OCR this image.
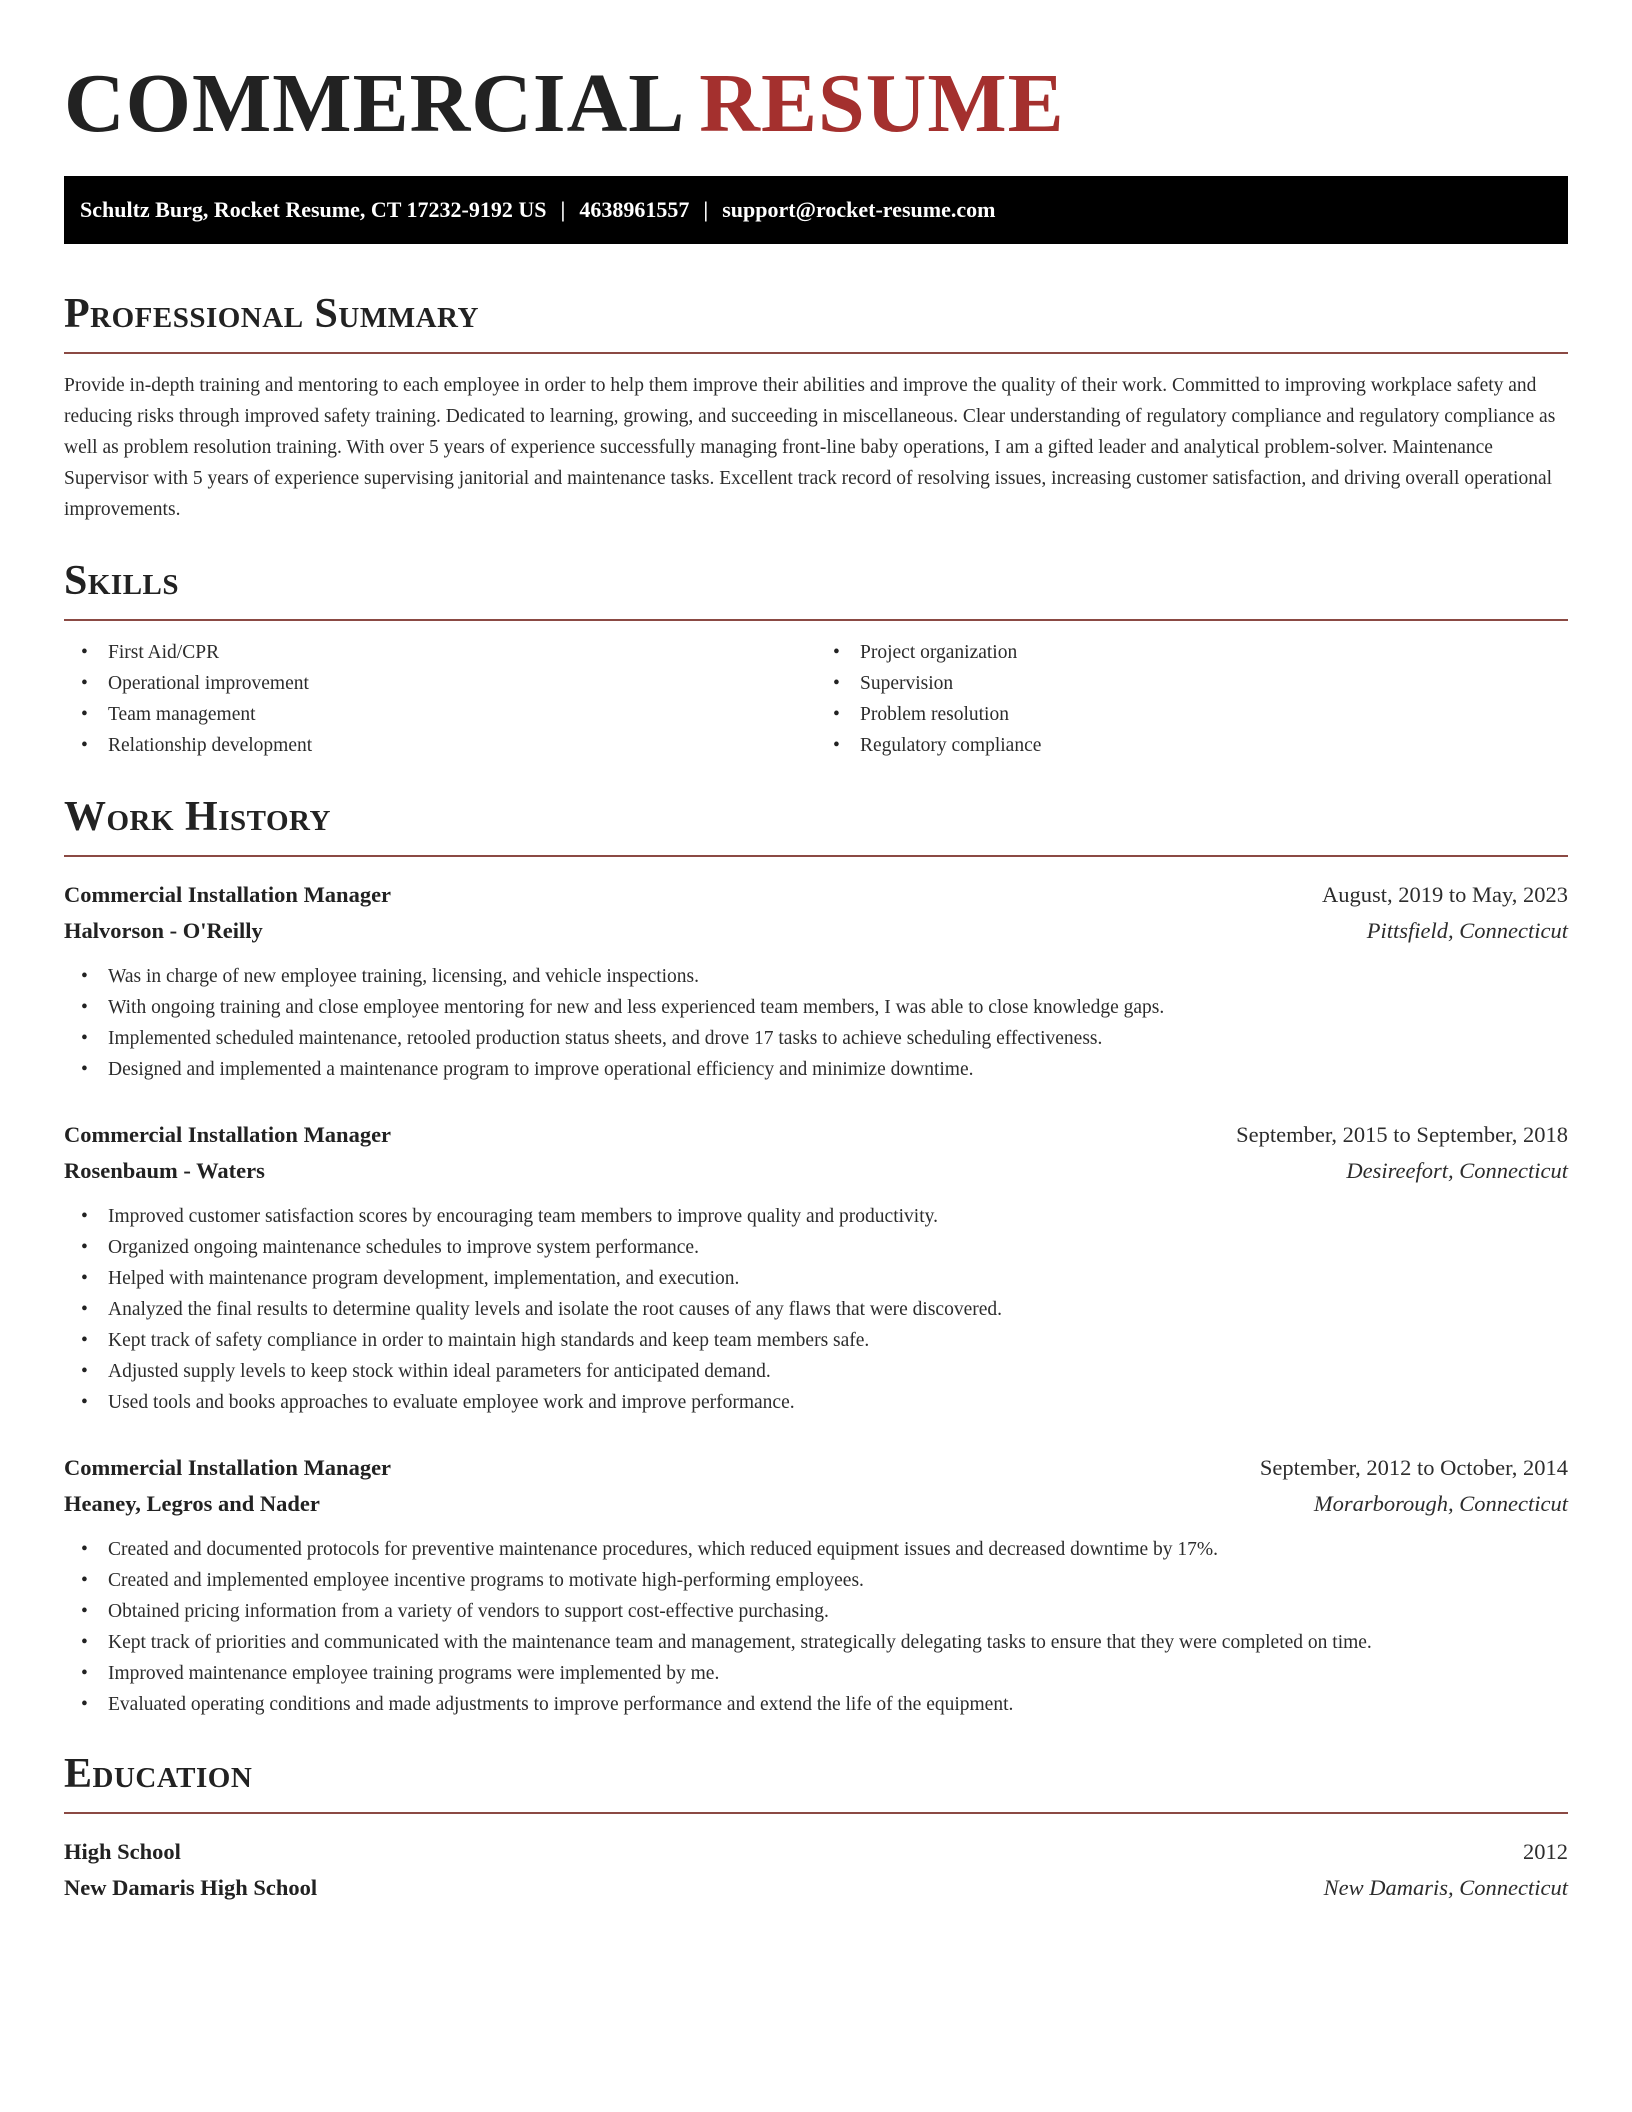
COMMERCIAL RESUME
Schultz Burg, Rocket Resume, CT 17232-9192 US | 4638961557 | support@rocket-resume.com
Professional Summary
Provide in-depth training and mentoring to each employee in order to help them improve their abilities and improve the quality of their work. Committed to improving workplace safety and reducing risks through improved safety training. Dedicated to learning, growing, and succeeding in miscellaneous. Clear understanding of regulatory compliance and regulatory compliance as well as problem resolution training. With over 5 years of experience successfully managing front-line baby operations, I am a gifted leader and analytical problem-solver. Maintenance Supervisor with 5 years of experience supervising janitorial and maintenance tasks. Excellent track record of resolving issues, increasing customer satisfaction, and driving overall operational improvements.
Skills
• First Aid/CPR
• Operational improvement
• Team management
• Relationship development
• Project organization
• Supervision
• Problem resolution
• Regulatory compliance
Work History
Commercial Installation Manager	August, 2019 to May, 2023
Halvorson - O'Reilly	Pittsfield, Connecticut
• Was in charge of new employee training, licensing, and vehicle inspections.
• With ongoing training and close employee mentoring for new and less experienced team members, I was able to close knowledge gaps.
• Implemented scheduled maintenance, retooled production status sheets, and drove 17 tasks to achieve scheduling effectiveness.
• Designed and implemented a maintenance program to improve operational efficiency and minimize downtime.
Commercial Installation Manager	September, 2015 to September, 2018
Rosenbaum - Waters	Desireefort, Connecticut
• Improved customer satisfaction scores by encouraging team members to improve quality and productivity.
• Organized ongoing maintenance schedules to improve system performance.
• Helped with maintenance program development, implementation, and execution.
• Analyzed the final results to determine quality levels and isolate the root causes of any flaws that were discovered.
• Kept track of safety compliance in order to maintain high standards and keep team members safe.
• Adjusted supply levels to keep stock within ideal parameters for anticipated demand.
• Used tools and books approaches to evaluate employee work and improve performance.
Commercial Installation Manager	September, 2012 to October, 2014
Heaney, Legros and Nader	Morarborough, Connecticut
• Created and documented protocols for preventive maintenance procedures, which reduced equipment issues and decreased downtime by 17%.
• Created and implemented employee incentive programs to motivate high-performing employees.
• Obtained pricing information from a variety of vendors to support cost-effective purchasing.
• Kept track of priorities and communicated with the maintenance team and management, strategically delegating tasks to ensure that they were completed on time.
• Improved maintenance employee training programs were implemented by me.
• Evaluated operating conditions and made adjustments to improve performance and extend the life of the equipment.
Education
High School	2012
New Damaris High School	New Damaris, Connecticut
